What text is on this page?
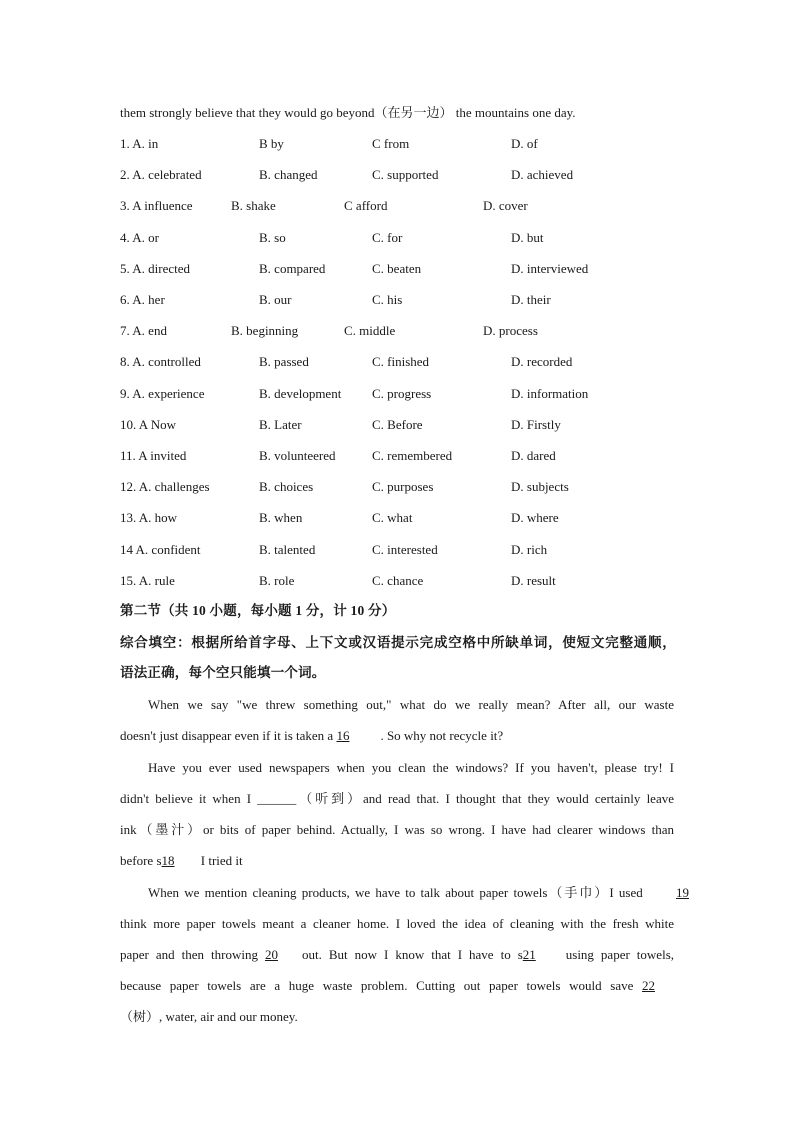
them strongly believe that they would go beyond（在另一边） the mountains one day.
1. A. in	B by	C from	D. of
2. A. celebrated	B. changed	C. supported	D. achieved
3. A influence	B. shake	C afford	D. cover
4. A. or	B. so	C. for	D. but
5. A. directed	B. compared	C. beaten	D. interviewed
6. A. her	B. our	C. his	D. their
7. A. end	B. beginning	C. middle	D. process
8. A. controlled	B. passed	C. finished	D. recorded
9. A. experience	B. development C. progress	D. information
10. A Now	B. Later	C. Before	D. Firstly
11. A invited	B. volunteered	C. remembered	D. dared
12. A. challenges	B. choices	C. purposes	D. subjects
13. A. how	B. when	C. what	D. where
14 A. confident	B. talented	C. interested	D. rich
15. A. rule	B. role	C. chance	D. result
第二节（共 10 小题，每小题 1 分，计 10 分）
综合填空：根据所给首字母、上下文或汉语提示完成空格中所缺单词，使短文完整通顺，
语法正确，每个空只能填一个词。
When we say "we threw something out," what do we really mean? After all, our waste
doesn't just disappear even if it is taken a 16 . So why not recycle it?
Have you ever used newspapers when you clean the windows? If you haven't, please try! I
didn't believe it when I ______（听到）and read that. I thought that they would certainly leave
ink（墨汁）or bits of paper behind. Actually, I was so wrong. I have had clearer windows than
before s18 I tried it
When we mention cleaning products, we have to talk about paper towels（手巾）I used	19
think more paper towels meant a cleaner home. I loved the idea of cleaning with the fresh white
paper and then throwing 20 out. But now I know that I have to s21 using paper towels,
because paper towels are a huge waste problem. Cutting out paper towels would save 22
（树）, water, air and our money.
